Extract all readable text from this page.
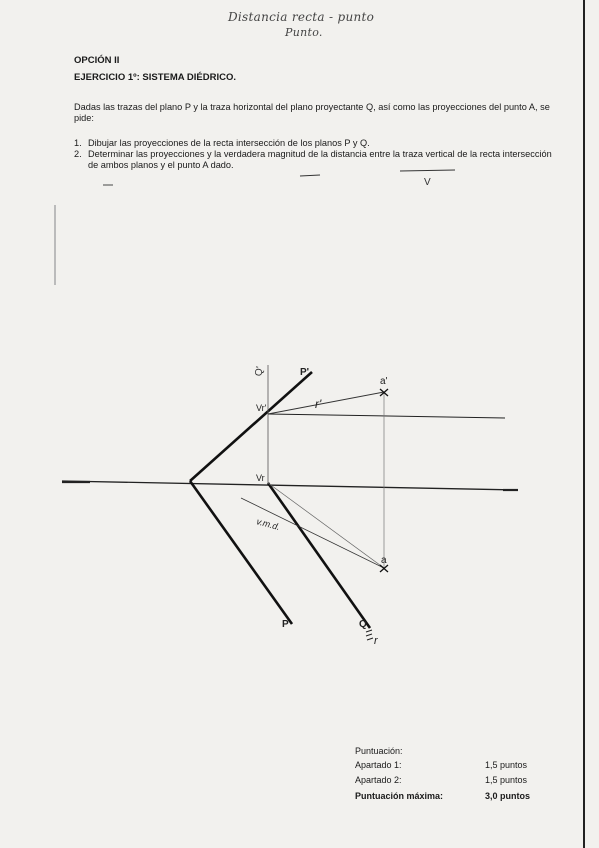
Distancia recta - punto
Punto.
OPCIÓN II
EJERCICIO 1º: SISTEMA DIÉDRICO.
Dadas las trazas del plano P y la traza horizontal del plano proyectante Q, así como las proyecciones del punto A, se pide:
1. Dibujar las proyecciones de la recta intersección de los planos P y Q.
2. Determinar las proyecciones y la verdadera magnitud de la distancia entre la traza vertical de la recta intersección de ambos planos y el punto A dado.
V
Q'	P'
a'
Vr'	r'
Vr
v.m.d.
a
P	Q
r
Puntuación:
Apartado 1:	1,5 puntos
Apartado 2:	1,5 puntos
Puntuación máxima:	3,0 puntos
